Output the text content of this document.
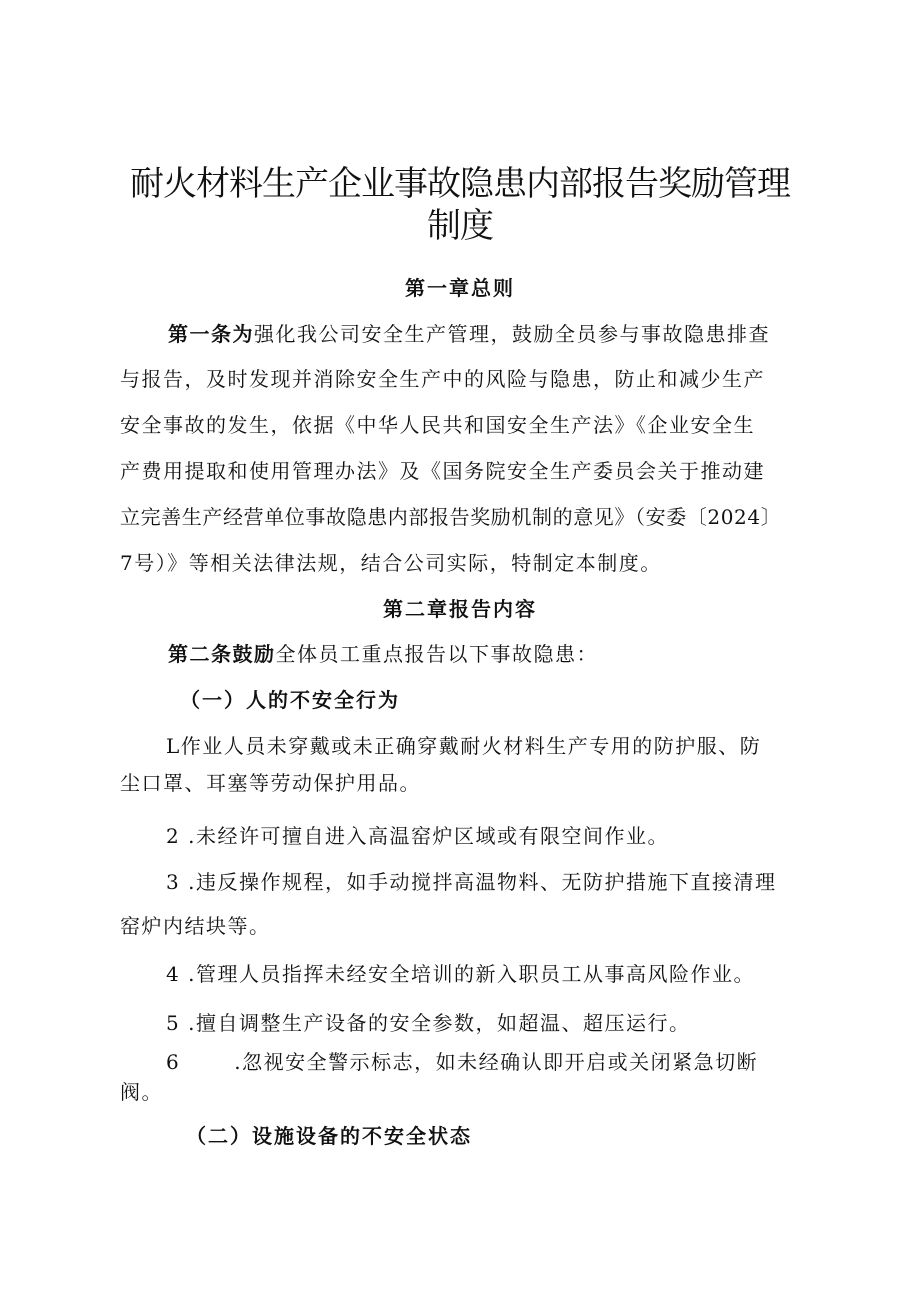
耐火材料生产企业事故隐患内部报告奖励管理
制度
第一章总则
第一条为强化我公司安全生产管理，鼓励全员参与事故隐患排查
与报告，及时发现并消除安全生产中的风险与隐患，防止和减少生产
安全事故的发生，依据《中华人民共和国安全生产法》《企业安全生
产费用提取和使用管理办法》及《国务院安全生产委员会关于推动建
立完善生产经营单位事故隐患内部报告奖励机制的意见》（安委〔2024〕
7号）》等相关法律法规，结合公司实际，特制定本制度。
第二章报告内容
第二条鼓励全体员工重点报告以下事故隐患：
（一）人的不安全行为
L作业人员未穿戴或未正确穿戴耐火材料生产专用的防护服、防
尘口罩、耳塞等劳动保护用品。
2 .未经许可擅自进入高温窑炉区域或有限空间作业。
3 .违反操作规程，如手动搅拌高温物料、无防护措施下直接清理
窑炉内结块等。
4 .管理人员指挥未经安全培训的新入职员工从事高风险作业。
5 .擅自调整生产设备的安全参数，如超温、超压运行。
6	.忽视安全警示标志，如未经确认即开启或关闭紧急切断
阀。
（二）设施设备的不安全状态
